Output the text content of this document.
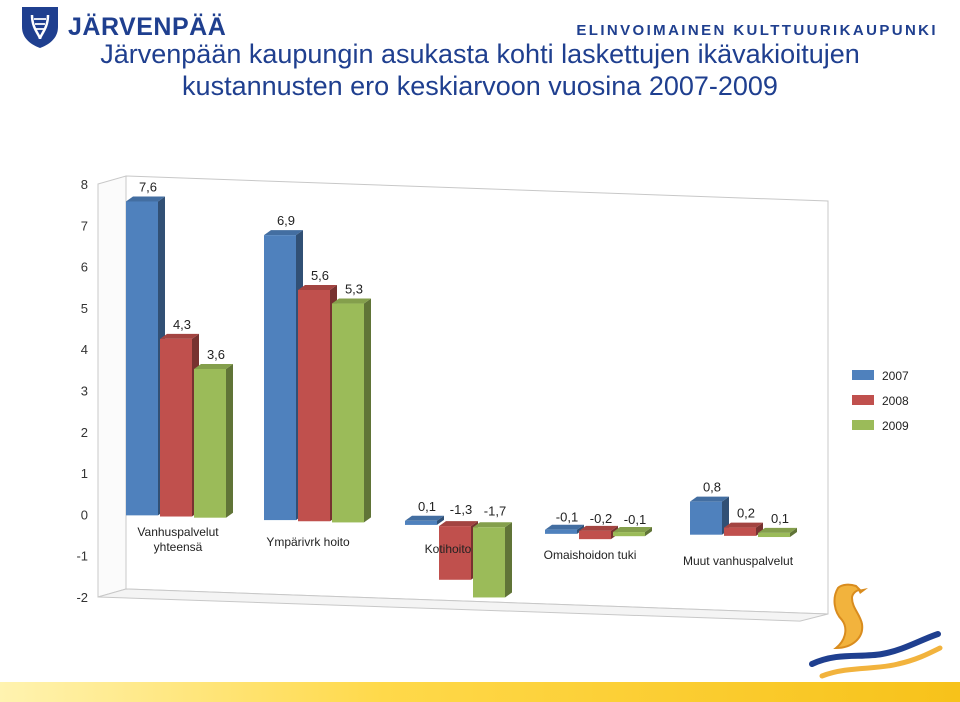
JÄRVENPÄÄ	ELINVOIMAINEN KULTTUURIKAUPUNKI
Järvenpään kaupungin asukasta kohti laskettujen ikävakioitujen
kustannusten ero keskiarvoon vuosina 2007-2009
-2
-1
0
1
2
3
4
5
6
7
8	7,6
4,3
3,6
Vanhuspalvelut
yhteensä
6,9
5,6
5,3
Ympärivrk hoito
0,1 -1,3 -1,7
Kotihoito
-0,1 -0,2 -0,1
Omaishoidon tuki
0,8
0,2 0,1
Muut vanhuspalvelut
2007
2008
2009
